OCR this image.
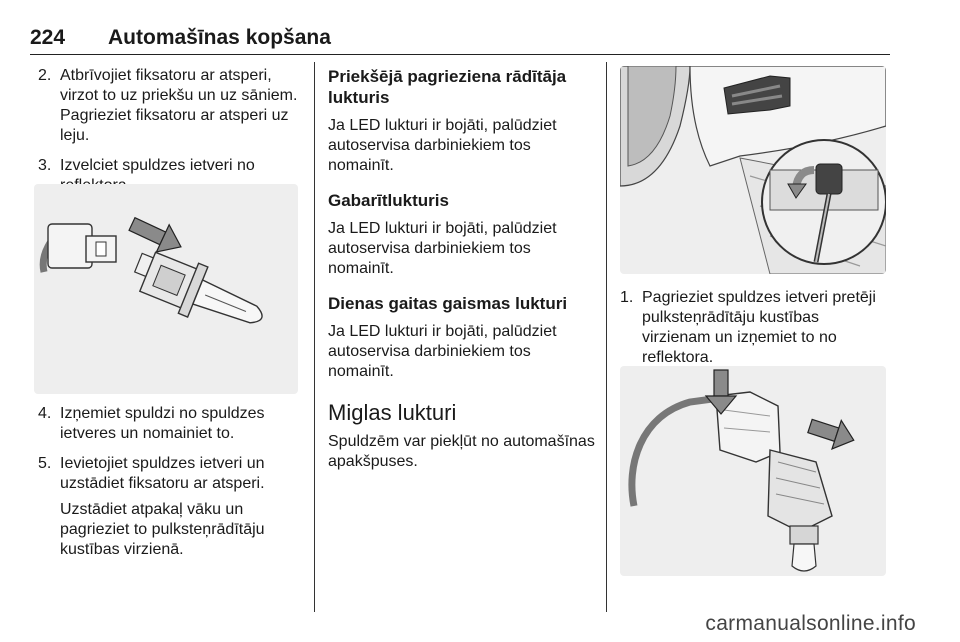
224 Automašīnas kopšana
2. Atbrīvojiet fiksatoru ar atsperi, virzot to uz priekšu un uz sāniem. Pagrieziet fiksatoru ar atsperi uz leju.
3. Izvelciet spuldzes ietveri no
4. Izņemiet spuldzi no spuldzes ietveres un nomainiet to.
5. Ievietojiet spuldzes ietveri un uzstādiet fiksatoru ar atsperi.

Uzstādiet atpakaļ vāku un pagrieziet to pulksteņrādītāju kustības virzienā.

Priekšējā pagrieziena rādītāja lukturis

Ja LED lukturi ir bojāti, palūdziet autoservisa darbiniekiem tos nomainīt.

Gabarītlukturis

Ja LED lukturi ir bojāti, palūdziet autoservisa darbiniekiem tos nomainīt.

Dienas gaitas gaismas lukturi

Ja LED lukturi ir bojāti, palūdziet autoservisa darbiniekiem tos nomainīt.

Miglas lukturi

Spuldzēm var piekļūt no automašīnas apakšpuses.

1. Pagrieziet spuldzes ietveri pretēji pulksteņrādītāju kustības virzienam un izņemiet to no reflektora.
carmanualsonline.info
